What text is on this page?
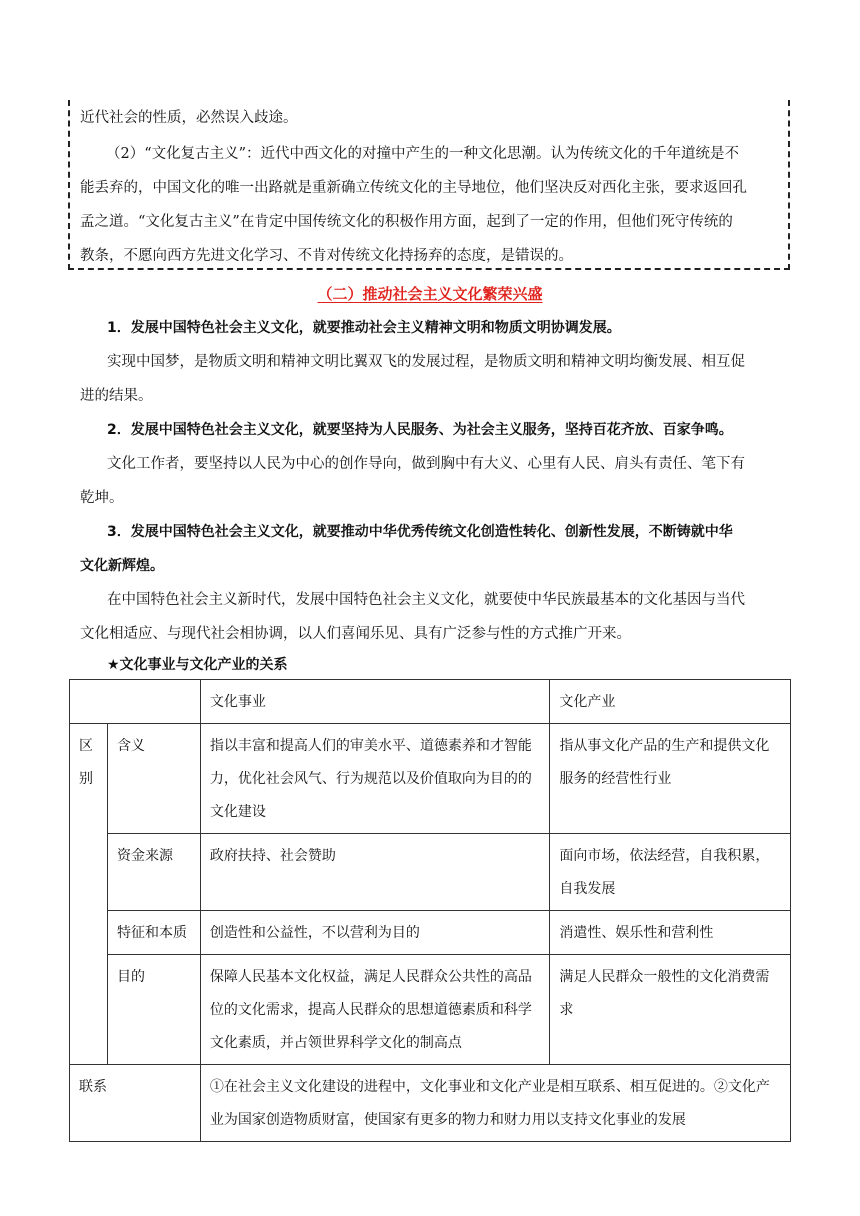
近代社会的性质，必然误入歧途。
（2）“文化复古主义”：近代中西文化的对撞中产生的一种文化思潮。认为传统文化的千年道统是不
能丢弃的，中国文化的唯一出路就是重新确立传统文化的主导地位，他们坚决反对西化主张，要求返回孔
孟之道。“文化复古主义”在肯定中国传统文化的积极作用方面，起到了一定的作用，但他们死守传统的
教条，不愿向西方先进文化学习、不肯对传统文化持扬弃的态度，是错误的。
（二）推动社会主义文化繁荣兴盛
1．发展中国特色社会主义文化，就要推动社会主义精神文明和物质文明协调发展。
实现中国梦，是物质文明和精神文明比翼双飞的发展过程，是物质文明和精神文明均衡发展、相互促
进的结果。
2．发展中国特色社会主义文化，就要坚持为人民服务、为社会主义服务，坚持百花齐放、百家争鸣。
文化工作者，要坚持以人民为中心的创作导向，做到胸中有大义、心里有人民、肩头有责任、笔下有
乾坤。
3．发展中国特色社会主义文化，就要推动中华优秀传统文化创造性转化、创新性发展，不断铸就中华
文化新辉煌。
在中国特色社会主义新时代，发展中国特色社会主义文化，就要使中华民族最基本的文化基因与当代
文化相适应、与现代社会相协调，以人们喜闻乐见、具有广泛参与性的方式推广开来。
★文化事业与文化产业的关系
		文化事业	文化产业

区别	含义	指以丰富和提高人们的审美水平、道德素养和才智能力，优化社会风气、行为规范以及价值取向为目的的文化建设	指从事文化产品的生产和提供文化服务的经营性行业
	资金来源	政府扶持、社会赞助	面向市场，依法经营，自我积累，自我发展
	特征和本质	创造性和公益性，不以营利为目的	消遣性、娱乐性和营利性
	目的	保障人民基本文化权益，满足人民群众公共性的高品位的文化需求，提高人民群众的思想道德素质和科学文化素质，并占领世界科学文化的制高点	满足人民群众一般性的文化消费需求
联系		①在社会主义文化建设的进程中，文化事业和文化产业是相互联系、相互促进的。②文化产业为国家创造物质财富，使国家有更多的物力和财力用以支持文化事业的发展	
